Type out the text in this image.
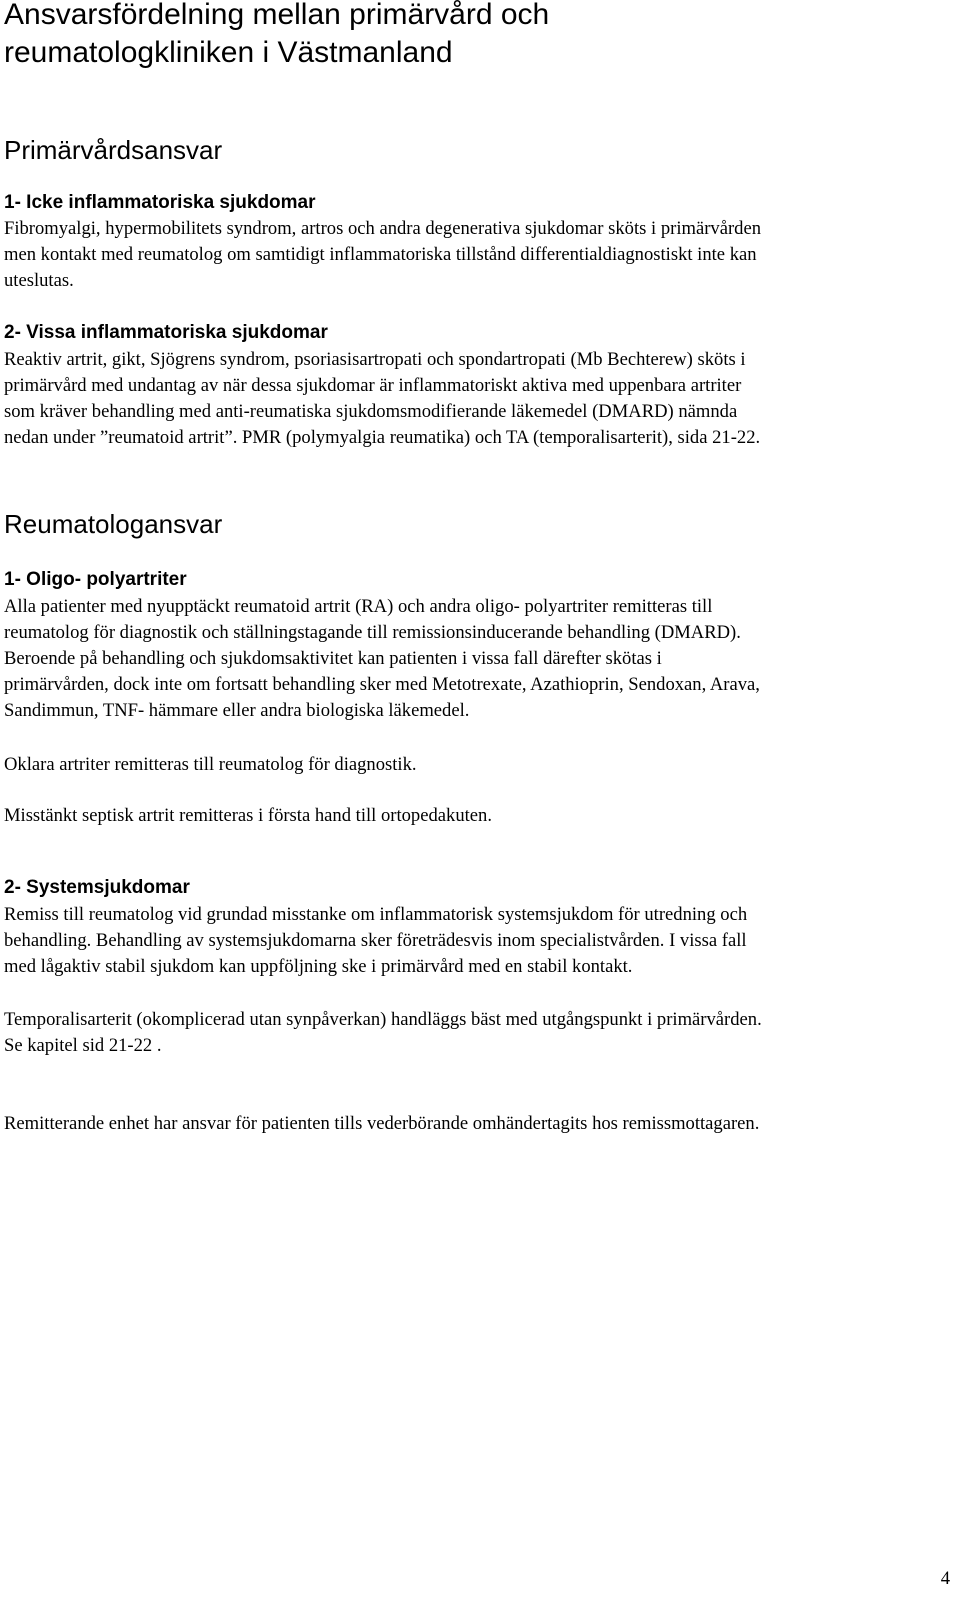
Ansvarsfördelning mellan primärvård och
reumatologkliniken i Västmanland
Primärvårdsansvar
1- Icke inflammatoriska sjukdomar
Fibromyalgi, hypermobilitets syndrom, artros och andra degenerativa sjukdomar sköts i primärvården
men kontakt med reumatolog om samtidigt inflammatoriska tillstånd differentialdiagnostiskt inte kan
uteslutas.
2- Vissa inflammatoriska sjukdomar
Reaktiv artrit, gikt, Sjögrens syndrom, psoriasisartropati och spondartropati (Mb Bechterew) sköts i
primärvård med undantag av när dessa sjukdomar är inflammatoriskt aktiva med uppenbara artriter
som kräver behandling med anti-reumatiska sjukdomsmodifierande läkemedel (DMARD) nämnda
nedan under ”reumatoid artrit”. PMR (polymyalgia reumatika) och TA (temporalisarterit), sida 21-22.
Reumatologansvar
1- Oligo- polyartriter
Alla patienter med nyupptäckt reumatoid artrit (RA) och andra oligo- polyartriter remitteras till
reumatolog för diagnostik och ställningstagande till remissionsinducerande behandling (DMARD).
Beroende på behandling och sjukdomsaktivitet kan patienten i vissa fall därefter skötas i
primärvården, dock inte om fortsatt behandling sker med Metotrexate, Azathioprin, Sendoxan, Arava,
Sandimmun, TNF- hämmare eller andra biologiska läkemedel.
Oklara artriter remitteras till reumatolog för diagnostik.
Misstänkt septisk artrit remitteras i första hand till ortopedakuten.
2- Systemsjukdomar
Remiss till reumatolog vid grundad misstanke om inflammatorisk systemsjukdom för utredning och
behandling. Behandling av systemsjukdomarna sker företrädesvis inom specialistvården. I vissa fall
med lågaktiv stabil sjukdom kan uppföljning ske i primärvård med en stabil kontakt.
Temporalisarterit (okomplicerad utan synpåverkan) handläggs bäst med utgångspunkt i primärvården.
Se kapitel sid 21-22 .
Remitterande enhet har ansvar för patienten tills vederbörande omhändertagits hos remissmottagaren.
4
